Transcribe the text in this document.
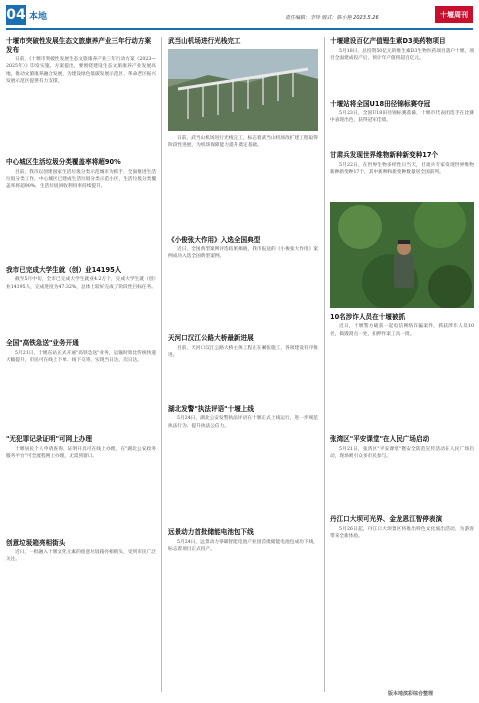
04 本地	责任编辑：李玲 版式：陈小艳 2023.5.26	十堰周刊
十堰市突破性发展生态文旅康养产业三年行动方案发布

日前，《十堰市突破性发展生态文旅康养产业三年行动方案（2023—2025年）》印发实施。方案提出，要围绕建设生态文旅康养产业发展高地，推动文旅康养融合发展，为建设绿色低碳发展示范区、革命老区振兴发展示范区提供有力支撑。

中心城区生活垃圾分类覆盖率将超90%

目前，我市以创建国家生活垃圾分类示范城市为抓手，全面推进生活垃圾分类工作，中心城区已建成生活垃圾分类示范小区，生活垃圾分类覆盖率将超90%，生活垃圾回收利用率持续提升。

我市已完成大学生就（创）业14195人

截至5月中旬，全市已完成大学生就业4.2万个，完成大学生就（创）业14195人，完成进度为47.32%，总体上较好完成了阶段性目标任务。

全国"高铁急送"业务开通

5月21日，十堰东站正式开通"高铁急送"业务，运输时效比传统快递大幅提升，市民可在线上下单、线下交寄，实现当日达、次日达。

"无犯罪记录证明"可网上办理

十堰居民个人申请查询、证明开具可在线上办理，在"湖北公安政务服务平台"可全流程网上办理，无需到窗口。

创意垃圾箱亮相街头

近日，一批融入十堰文化元素的创意垃圾箱亮相街头，受到市民广泛关注。

武当山机场进行光栈完工

日前，武当山机场进行光栈完工，标志着武当山机场改扩建工程取得阶段性进展，为机场保障能力提升奠定基础。

《小俊张大作用》入选全国典型

近日，全国典型案例评选结果揭晓，我市报送的《小俊张大作用》案例成功入选全国典型案例。

天河口汉江公路大桥最新进展

目前，天河口汉江公路大桥主体工程正在紧张施工，各项建设有序推进。

湖北发警"执法评语"十堰上线

5月24日，湖北公安发警执法评语在十堰正式上线运行，进一步规范执法行为、提升执法公信力。

远景动力首批储能电池包下线

5月24日，远景动力零碳智能电池产业园首批储能电池包成功下线，标志着项目正式投产。

十堰建设百亿产值锂生素D3美药物项目

5月18日，总投资50亿元的维生素D3生物医药项目落户十堰，项目全面建成投产后，预计年产值将超百亿元。

十堰站将全国U18田径锦标赛夺冠

5月23日，全国U18田径锦标赛落幕，十堰市代表团选手在比赛中表现出色，获得冠军佳绩。

甘肃兵发现世界维物新种新变种17个

5月22日，在世界生物多样性日当天，甘肃兵专家发现世界维物新种新变种17个，其中新种和新变种数量居全国前列。

10名涉诈人员在十堰被抓

近日，十堰警方破获一起电信网络诈骗案件，抓获涉诈人员10名，捣毁窝点一处，扣押作案工具一批。

张湾区"平安课堂"在人民广场启动

5月21日，张湾区"平安课堂"暨安全防范宣传活动在人民广场启动，现场吸引众多市民参与。

丹江口大坝可光界、金龙恩江智停表演

5月26日起，丹江口大坝景区将推出特色文化演出活动，为游客带来全新体验。

版本地滨彩综合整理
